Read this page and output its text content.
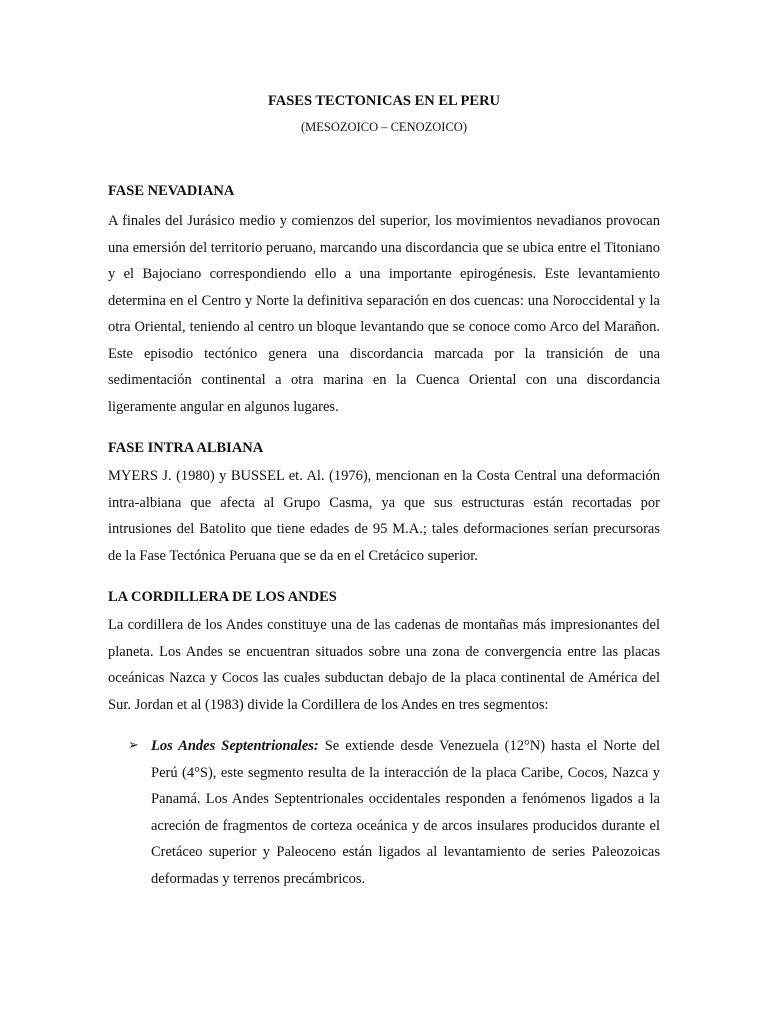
FASES TECTONICAS EN EL PERU

(MESOZOICO – CENOZOICO)

FASE NEVADIANA

A finales del Jurásico medio y comienzos del superior, los movimientos nevadianos provocan una emersión del territorio peruano, marcando una discordancia que se ubica entre el Titoniano y el Bajociano correspondiendo ello a una importante epirogénesis. Este levantamiento determina en el Centro y Norte la definitiva separación en dos cuencas: una Noroccidental y la otra Oriental, teniendo al centro un bloque levantando que se conoce como Arco del Marañon. Este episodio tectónico genera una discordancia marcada por la transición de una sedimentación continental a otra marina en la Cuenca Oriental con una discordancia ligeramente angular en algunos lugares.

FASE INTRA ALBIANA

MYERS J. (1980) y BUSSEL et. Al. (1976), mencionan en la Costa Central una deformación intra-albiana que afecta al Grupo Casma, ya que sus estructuras están recortadas por intrusiones del Batolito que tiene edades de 95 M.A.; tales deformaciones serían precursoras de la Fase Tectónica Peruana que se da en el Cretácico superior.

LA CORDILLERA DE LOS ANDES

La cordillera de los Andes constituye una de las cadenas de montañas más impresionantes del planeta. Los Andes se encuentran situados sobre una zona de convergencia entre las placas oceánicas Nazca y Cocos las cuales subductan debajo de la placa continental de América del Sur. Jordan et al (1983) divide la Cordillera de los Andes en tres segmentos:

➢ Los Andes Septentrionales: Se extiende desde Venezuela (12°N) hasta el Norte del Perú (4°S), este segmento resulta de la interacción de la placa Caribe, Cocos, Nazca y Panamá. Los Andes Septentrionales occidentales responden a fenómenos ligados a la acreción de fragmentos de corteza oceánica y de arcos insulares producidos durante el Cretáceo superior y Paleoceno están ligados al levantamiento de series Paleozoicas deformadas y terrenos precámbricos.
